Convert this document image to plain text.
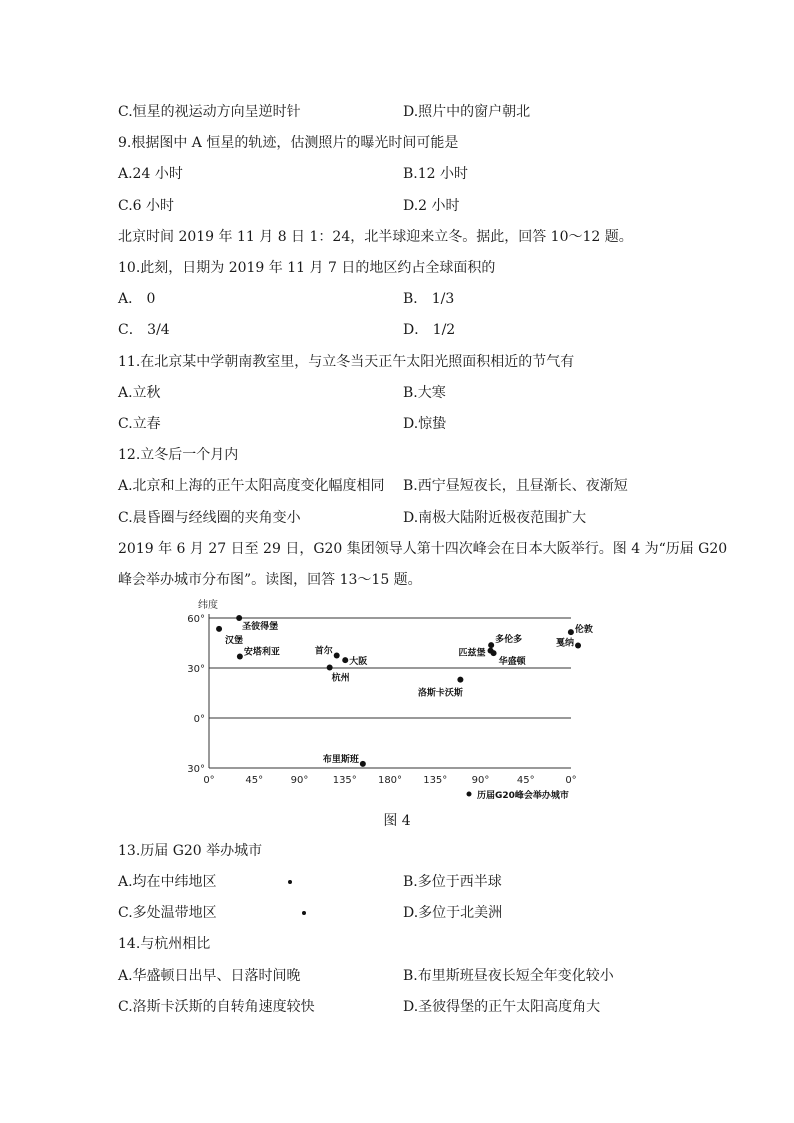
C.恒星的视运动方向呈逆时针	D.照片中的窗户朝北
9.根据图中 A 恒星的轨迹，估测照片的曝光时间可能是
A.24 小时	B.12 小时
C.6 小时	D.2 小时
北京时间 2019 年 11 月 8 日 1：24，北半球迎来立冬。据此，回答 10～12 题。
10.此刻，日期为 2019 年 11 月 7 日的地区约占全球面积的
A． 0	B． 1/3
C． 3/4	D． 1/2
11.在北京某中学朝南教室里，与立冬当天正午太阳光照面积相近的节气有
A.立秋	B.大寒
C.立春	D.惊蛰
12.立冬后一个月内
A.北京和上海的正午太阳高度变化幅度相同 B.西宁昼短夜长，且昼渐长、夜渐短
C.晨昏圈与经线圈的夹角变小	D.南极大陆附近极夜范围扩大
2019 年 6 月 27 日至 29 日，G20 集团领导人第十四次峰会在日本大阪举行。图 4 为“历届 G20
峰会举办城市分布图”。读图，回答 13～15 题。
纬度
60°
30°
0°
30°
0°	45°	90° 135° 180° 135° 90°	45°	0°
汉堡
圣彼得堡
安塔利亚	首尔
大阪
杭州
布里斯班
洛斯卡沃斯
多伦多
匹兹堡
华盛顿
伦敦
戛纳
历届G20峰会举办城市
图 4
13.历届 G20 举办城市
A.均在中纬地区	B.多位于西半球
C.多处温带地区	D.多位于北美洲
14.与杭州相比
A.华盛顿日出早、日落时间晚	B.布里斯班昼夜长短全年变化较小
C.洛斯卡沃斯的自转角速度较快	D.圣彼得堡的正午太阳高度角大
